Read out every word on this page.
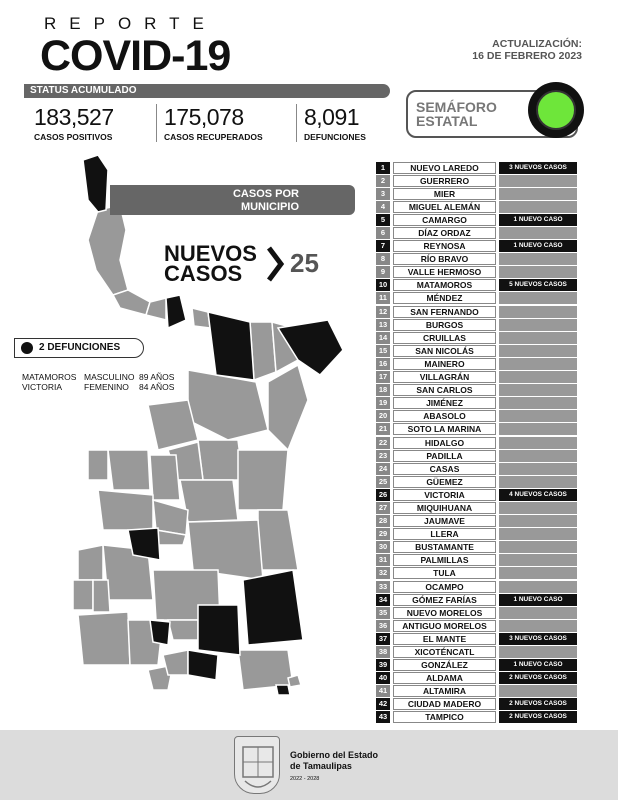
REPORTE
COVID-19	ACTUALIZACIÓN:
16 DE FEBRERO 2023
STATUS ACUMULADO
183,527
CASOS POSITIVOS
175,078
CASOS RECUPERADOS
8,091
DEFUNCIONES
SEMÁFORO
ESTATAL
CASOS POR
MUNICIPIO
NUEVOS
CASOS	25
2 DEFUNCIONES
MATAMOROS MASCULINO 89 AÑOS
VICTORIA	FEMENINO	84 AÑOS
1	NUEVO LAREDO	3 NUEVOS CASOS
2	GUERRERO
3	MIER
4	MIGUEL ALEMÁN
5	CAMARGO	1 NUEVO CASO
6	DÍAZ ORDAZ
7	REYNOSA	1 NUEVO CASO
8	RÍO BRAVO
9	VALLE HERMOSO
10	MATAMOROS	5 NUEVOS CASOS
11	MÉNDEZ
12	SAN FERNANDO
13	BURGOS
14	CRUILLAS
15	SAN NICOLÁS
16	MAINERO
17	VILLAGRÁN
18	SAN CARLOS
19	JIMÉNEZ
20	ABASOLO
21	SOTO LA MARINA
22	HIDALGO
23	PADILLA
24	CASAS
25	GÜEMEZ
26	VICTORIA	4 NUEVOS CASOS
27	MIQUIHUANA
28	JAUMAVE
29	LLERA
30	BUSTAMANTE
31	PALMILLAS
32	TULA
33	OCAMPO
34	GÓMEZ FARÍAS	1 NUEVO CASO
35	NUEVO MORELOS
36	ANTIGUO MORELOS
37	EL MANTE	3 NUEVOS CASOS
38	XICOTÉNCATL
39	GONZÁLEZ	1 NUEVO CASO
40	ALDAMA	2 NUEVOS CASOS
41	ALTAMIRA
42	CIUDAD MADERO	2 NUEVOS CASOS
43	TAMPICO	2 NUEVOS CASOS
Gobierno del Estado
de Tamaulipas
2022 - 2028
